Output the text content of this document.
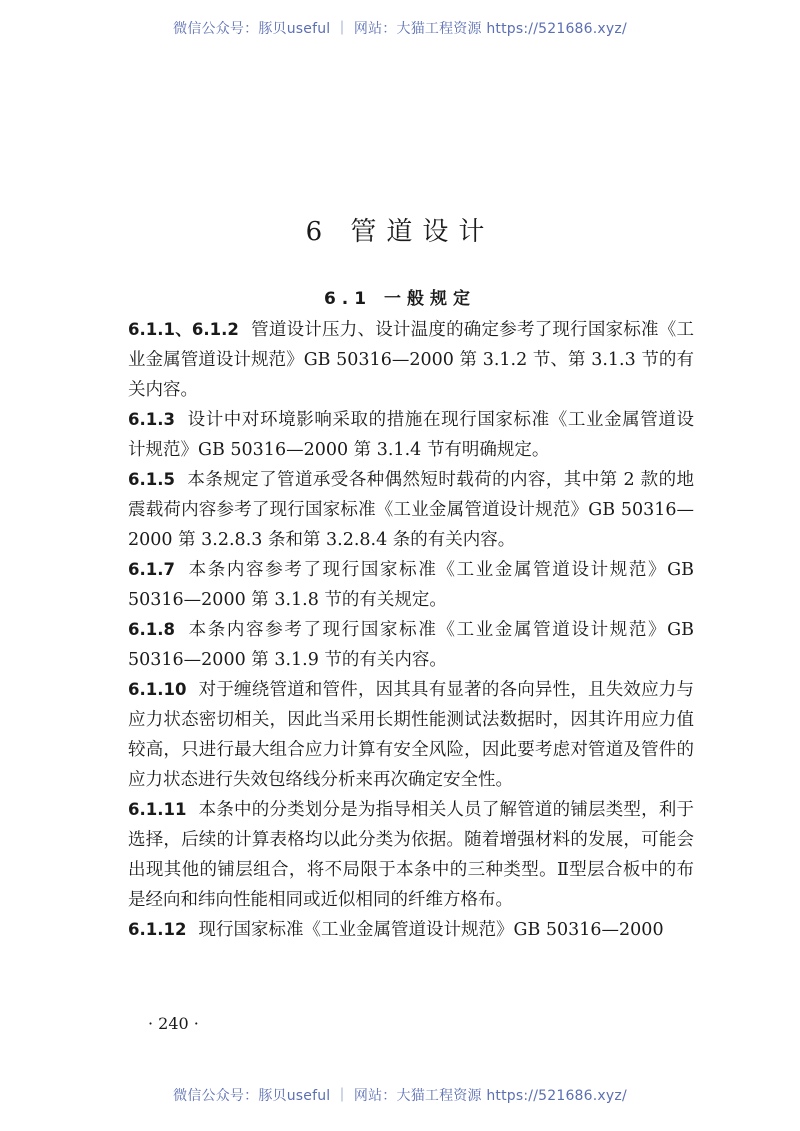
微信公众号：豚贝useful ｜ 网站：大猫工程资源 https://521686.xyz/
6 管道设计
6.1 一般规定

6.1.1、6.1.2 管道设计压力、设计温度的确定参考了现行国家标准《工业金属管道设计规范》GB 50316—2000 第 3.1.2 节、第 3.1.3 节的有关内容。

6.1.3 设计中对环境影响采取的措施在现行国家标准《工业金属管道设计规范》GB 50316—2000 第 3.1.4 节有明确规定。

6.1.5 本条规定了管道承受各种偶然短时载荷的内容，其中第 2 款的地震载荷内容参考了现行国家标准《工业金属管道设计规范》GB 50316—2000 第 3.2.8.3 条和第 3.2.8.4 条的有关内容。

6.1.7 本条内容参考了现行国家标准《工业金属管道设计规范》GB 50316—2000 第 3.1.8 节的有关规定。

6.1.8 本条内容参考了现行国家标准《工业金属管道设计规范》GB 50316—2000 第 3.1.9 节的有关内容。

6.1.10 对于缠绕管道和管件，因其具有显著的各向异性，且失效应力与应力状态密切相关，因此当采用长期性能测试法数据时，因其许用应力值较高，只进行最大组合应力计算有安全风险，因此要考虑对管道及管件的应力状态进行失效包络线分析来再次确定安全性。

6.1.11 本条中的分类划分是为指导相关人员了解管道的铺层类型，利于选择，后续的计算表格均以此分类为依据。随着增强材料的发展，可能会出现其他的铺层组合，将不局限于本条中的三种类型。Ⅱ型层合板中的布是经向和纬向性能相同或近似相同的纤维方格布。

6.1.12 现行国家标准《工业金属管道设计规范》GB 50316—2000

· 240 ·
微信公众号：豚贝useful ｜ 网站：大猫工程资源 https://521686.xyz/
